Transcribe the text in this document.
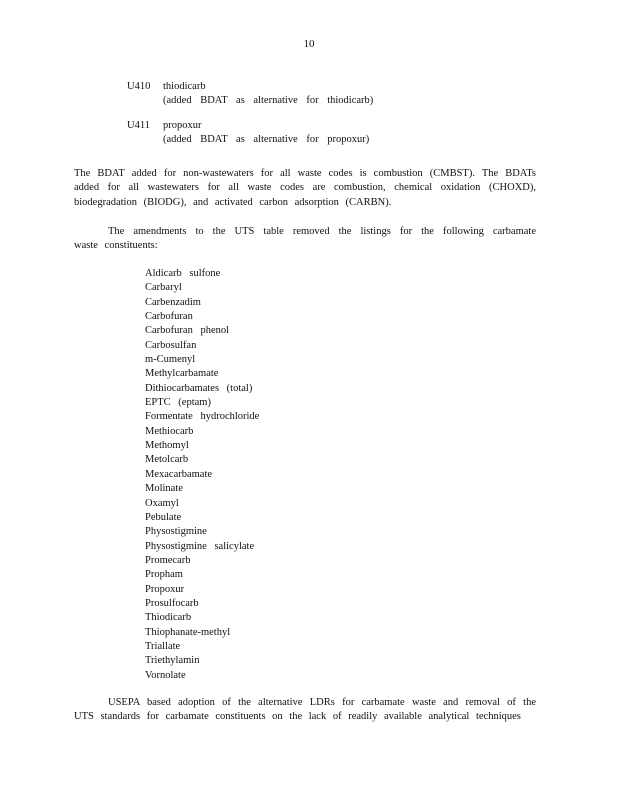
10
U410 thiodicarb
(added BDAT as alternative for thiodicarb)
U411 propoxur
(added BDAT as alternative for propoxur)

The BDAT added for non-wastewaters for all waste codes is combustion (CMBST). The BDATs added for all wastewaters for all waste codes are combustion, chemical oxidation (CHOXD), biodegradation (BIODG), and activated carbon adsorption (CARBN).

The amendments to the UTS table removed the listings for the following carbamate waste constituents:

Aldicarb sulfone
Carbaryl
Carbenzadim
Carbofuran
Carbofuran phenol
Carbosulfan
m-Cumenyl
Methylcarbamate
Dithiocarbamates (total)
EPTC (eptam)
Formentate hydrochloride
Methiocarb
Methomyl
Metolcarb
Mexacarbamate
Molinate
Oxamyl
Pebulate
Physostigmine
Physostigmine salicylate
Promecarb
Propham
Propoxur
Prosulfocarb
Thiodicarb
Thiophanate-methyl
Triallate
Triethylamin
Vornolate

USEPA based adoption of the alternative LDRs for carbamate waste and removal of the UTS standards for carbamate constituents on the lack of readily available analytical techniques
